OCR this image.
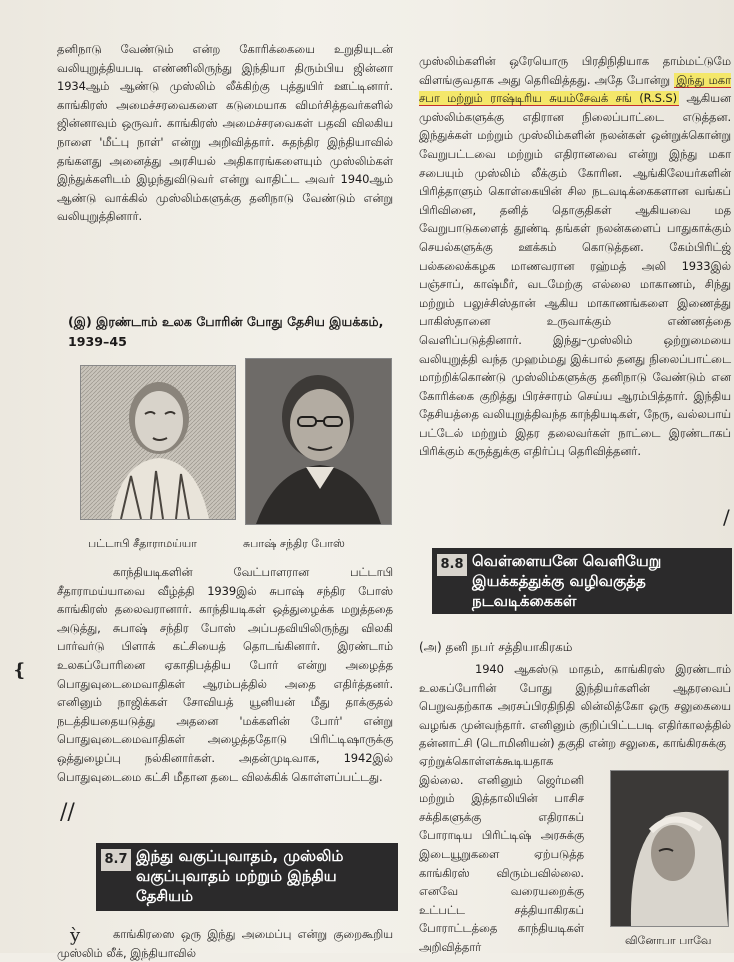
தனிநாடு வேண்டும் என்ற கோரிக்கையை உறுதியுடன் வலியுறுத்தியபடி எண்ணிலிருந்து இந்தியா திரும்பிய ஜின்னா 1934ஆம் ஆண்டு முஸ்லிம் லீக்கிற்கு புத்துயிர் ஊட்டினார். காங்கிரஸ் அமைச்சரவைகளை கடுமையாக விமர்சித்தவர்களில் ஜின்னாவும் ஒருவர். காங்கிரஸ் அமைச்சரவைகள் பதவி விலகிய நாளை 'மீட்பு நாள்' என்று அறிவித்தார். சுதந்திர இந்தியாவில் தங்களது அனைத்து அரசியல் அதிகாரங்களையும் முஸ்லிம்கள் இந்துக்களிடம் இழந்துவிடுவர் என்று வாதிட்ட அவர் 1940ஆம் ஆண்டு வாக்கில் முஸ்லிம்களுக்கு தனிநாடு வேண்டும் என்று வலியுறுத்தினார்.
(இ) இரண்டாம் உலக போரின் போது தேசிய இயக்கம், 1939–45
பட்டாபி சீதாராமய்யா	சுபாஷ் சந்திர போஸ்
காந்தியடிகளின் வேட்பாளரான பட்டாபி சீதாராமய்யாவை வீழ்த்தி 1939இல் சுபாஷ் சந்திர போஸ் காங்கிரஸ் தலைவரானார். காந்தியடிகள் ஒத்துழைக்க மறுத்ததை அடுத்து, சுபாஷ் சந்திர போஸ் அப்பதவியிலிருந்து விலகி பார்வர்டு பிளாக் கட்சியைத் தொடங்கினார். இரண்டாம் உலகப்போரினை ஏகாதிபத்திய போர் என்று அழைத்த பொதுவுடைமைவாதிகள் ஆரம்பத்தில் அதை எதிர்த்தனர். எனினும் நாஜிக்கள் சோவியத் யூனியன் மீது தாக்குதல் நடத்தியதையடுத்து அதனை 'மக்களின் போர்' என்று பொதுவுடைமைவாதிகள் அழைத்ததோடு பிரிட்டிஷாருக்கு ஒத்துழைப்பு நல்கினார்கள். அதன்முடிவாக, 1942இல் பொதுவுடைமை கட்சி மீதான தடை விலக்கிக் கொள்ளப்பட்டது.
8.7 இந்து வகுப்புவாதம், முஸ்லிம் வகுப்புவாதம் மற்றும் இந்திய தேசியம்
காங்கிரஸை ஒரு இந்து அமைப்பு என்று குறைகூறிய முஸ்லிம் லீக், இந்தியாவில்
❴
//
ỳ
முஸ்லிம்களின் ஒரேயொரு பிரதிநிதியாக தாம்மட்டுமே விளங்குவதாக அது தெரிவித்தது. அதே போன்று இந்து மகா சபா மற்றும் ராஷ்டிரிய சுயம்சேவக் சங் (R.S.S) ஆகியன முஸ்லிம்களுக்கு எதிரான நிலைப்பாட்டை எடுத்தன. இந்துக்கள் மற்றும் முஸ்லிம்களின் நலன்கள் ஒன்றுக்கொன்று வேறுபட்டவை மற்றும் எதிரானவை என்று இந்து மகா சபையும் முஸ்லிம் லீக்கும் கோரின. ஆங்கிலேயர்களின் பிரித்தாளும் கொள்கையின் சில நடவடிக்கைகளான வங்கப் பிரிவினை, தனித் தொகுதிகள் ஆகியவை மத வேறுபாடுகளைத் தூண்டி தங்கள் நலன்களைப் பாதுகாக்கும் செயல்களுக்கு ஊக்கம் கொடுத்தன. கேம்பிரிட்ஜ் பல்கலைக்கழக மாணவரான ரஹ்மத் அலி 1933இல் பஞ்சாப், காஷ்மீர், வடமேற்கு எல்லை மாகாணம், சிந்து மற்றும் பலுச்சிஸ்தான் ஆகிய மாகாணங்களை இணைத்து பாகிஸ்தானை உருவாக்கும் எண்ணத்தை வெளிப்படுத்தினார். இந்து–முஸ்லிம் ஒற்றுமையை வலியுறுத்தி வந்த முஹம்மது இக்பால் தனது நிலைப்பாட்டை மாற்றிக்கொண்டு முஸ்லிம்களுக்கு தனிநாடு வேண்டும் என கோரிக்கை குறித்து பிரச்சாரம் செய்ய ஆரம்பித்தார். இந்திய தேசியத்தை வலியுறுத்திவந்த காந்தியடிகள், நேரு, வல்லபாய் பட்டேல் மற்றும் இதர தலைவர்கள் நாட்டை இரண்டாகப் பிரிக்கும் கருத்துக்கு எதிர்ப்பு தெரிவித்தனர்.
8.8 வெள்ளையனே வெளியேறு இயக்கத்துக்கு வழிவகுத்த நடவடிக்கைகள்
(அ) தனி நபர் சத்தியாகிரகம்
1940 ஆகஸ்டு மாதம், காங்கிரஸ் இரண்டாம் உலகப்போரின் போது இந்தியர்களின் ஆதரவைப் பெறுவதற்காக அரசப்பிரதிநிதி லின்லித்கோ ஒரு சலுகையை வழங்க முன்வந்தார். எனினும் குறிப்பிட்டபடி எதிர்காலத்தில் தன்னாட்சி (டொமினியன்) தகுதி என்ற சலுகை, காங்கிரசுக்கு
ஏற்றுக்கொள்ளக்கூடியதாக இல்லை. எனினும் ஜெர்மனி மற்றும் இத்தாலியின் பாசிச சக்திகளுக்கு எதிராகப் போராடிய பிரிட்டிஷ் அரசுக்கு இடையூறுகளை ஏற்படுத்த காங்கிரஸ் விரும்பவில்லை. எனவே வரையறைக்கு உட்பட்ட சத்தியாகிரகப் போராட்டத்தை காந்தியடிகள் அறிவித்தார்	வினோபா பாவே
/
